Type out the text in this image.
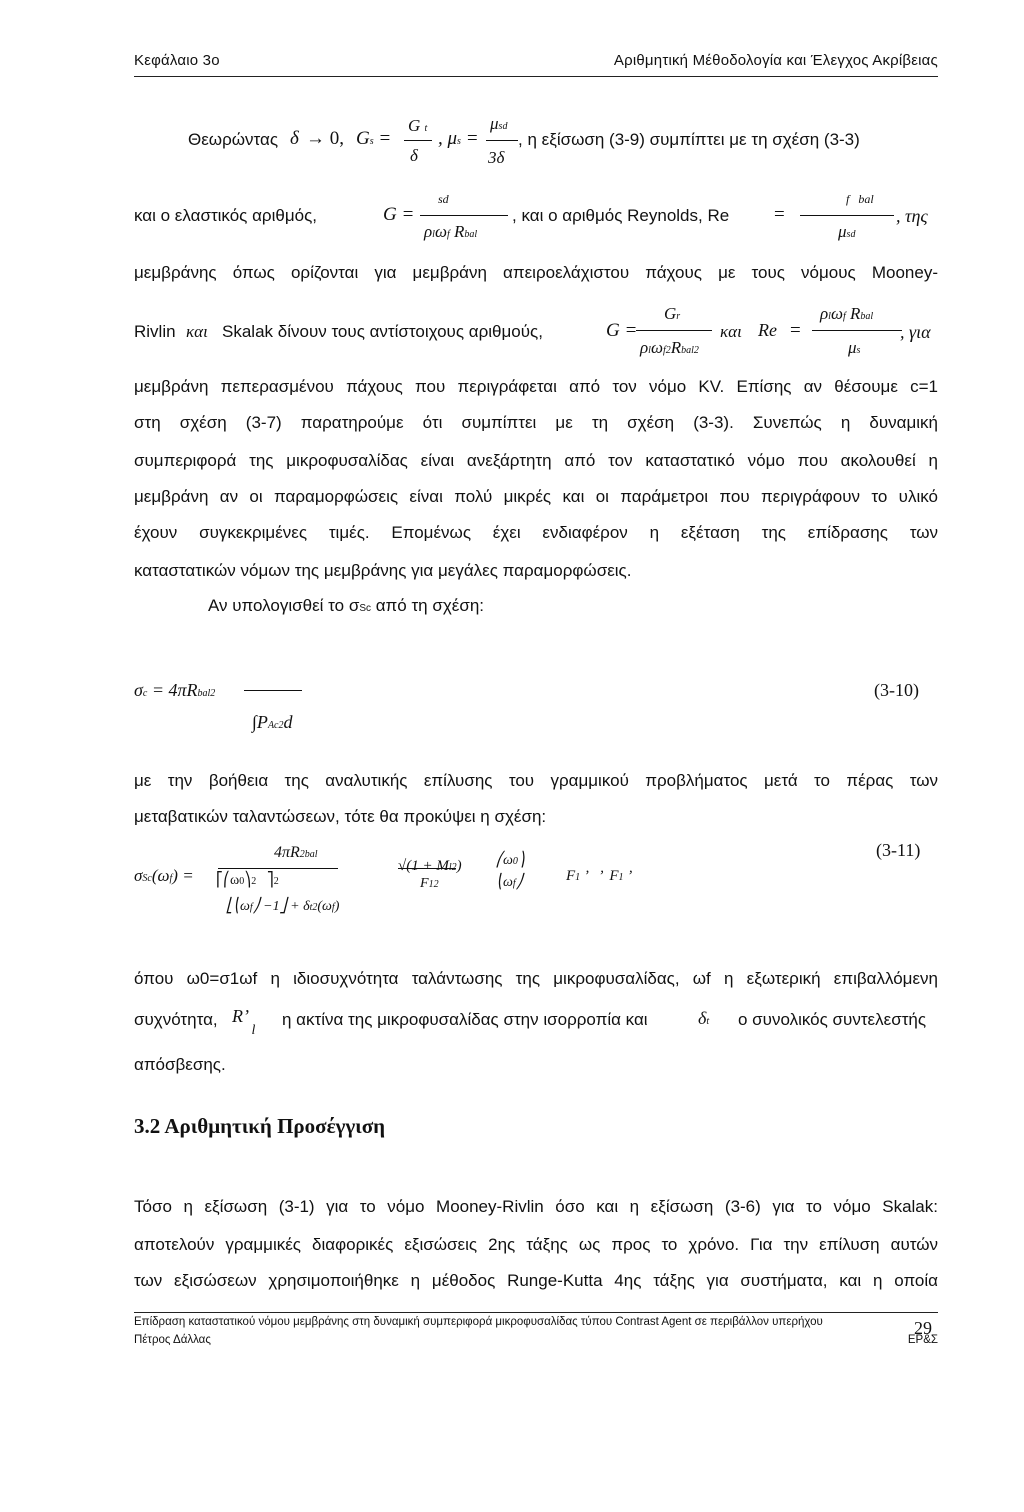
Κεφάλαιο 3ο	Αριθμητική Μέθοδολογία και Έλεγχος Ακρίβειας
Θεωρώντας δ → 0, Gs =
G t
δ
, μs =
μsd
3δ
, η εξίσωση (3-9) συμπίπτει με τη σχέση (3-3)
και ο ελαστικός αριθμός,	G =
sd
ρlωf Rbal
, και ο αριθμός Reynolds, Re =
f   bal
μsd
, της
μεμβράνης όπως ορίζονται για μεμβράνη απειροελάχιστου πάχους με τους νόμους Mooney-
Rivlin και Skalak δίνουν τους αντίστοιχους αριθμούς,	G =
Gr
ρlωf2Rbal2
και Re =
ρlωf Rbal
μs
, για
μεμβράνη πεπερασμένου πάχους που περιγράφεται από τον νόμο KV. Επίσης αν θέσουμε c=1
στη σχέση (3-7) παρατηρούμε ότι συμπίπτει με τη σχέση (3-3). Συνεπώς η δυναμική
συμπεριφορά της μικροφυσαλίδας είναι ανεξάρτητη από τον καταστατικό νόμο που ακολουθεί η
μεμβράνη αν οι παραμορφώσεις είναι πολύ μικρές και οι παράμετροι που περιγράφουν το υλικό
έχουν συγκεκριμένες τιμές. Επομένως έχει ενδιαφέρον η εξέταση της επίδρασης των
καταστατικών νόμων της μεμβράνης για μεγάλες παραμορφώσεις.
Αν υπολογισθεί το σSc από τη σχέση:
σc = 4πRbal2
∫PAc2d
(3-10)
με την βοήθεια της αναλυτικής επίλυσης του γραμμικού προβλήματος μετά το πέρας των
μεταβατικών ταλαντώσεων, τότε θα προκύψει η σχέση:
σSc(ωf) =
4πR2bal
⎡⎛ω0⎞2   ⎤2
⎣⎝ωf⎠ −1⎦ + δt2(ωf)
√(1 + Ml2)
F12
⎛ω0⎞
⎝ωf⎠	F1 ’   ’  F1 ’
(3-11)
όπου ω0=σ1ωf η ιδιοσυχνότητα ταλάντωσης της μικροφυσαλίδας, ωf η εξωτερική επιβαλλόμενη
συχνότητα, R’ $_l$
η ακτίνα της μικροφυσαλίδας στην ισορροπία και	δt ο συνολικός συντελεστής
απόσβεσης.
3.2 Αριθμητική Προσέγγιση
Τόσο η εξίσωση (3-1) για το νόμο Mooney-Rivlin όσο και η εξίσωση (3-6) για το νόμο Skalak:
αποτελούν γραμμικές διαφορικές εξισώσεις 2ης τάξης ως προς το χρόνο. Για την επίλυση αυτών
των εξισώσεων χρησιμοποιήθηκε η μέθοδος Runge-Kutta 4ης τάξης για συστήματα, και η οποία
Επίδραση καταστατικού νόμου μεμβράνης στη δυναμική συμπεριφορά μικροφυσαλίδας τύπου Contrast Agent σε περιβάλλον υπερήχου
Πέτρος Δάλλας	ΕΡ&Σ
29
